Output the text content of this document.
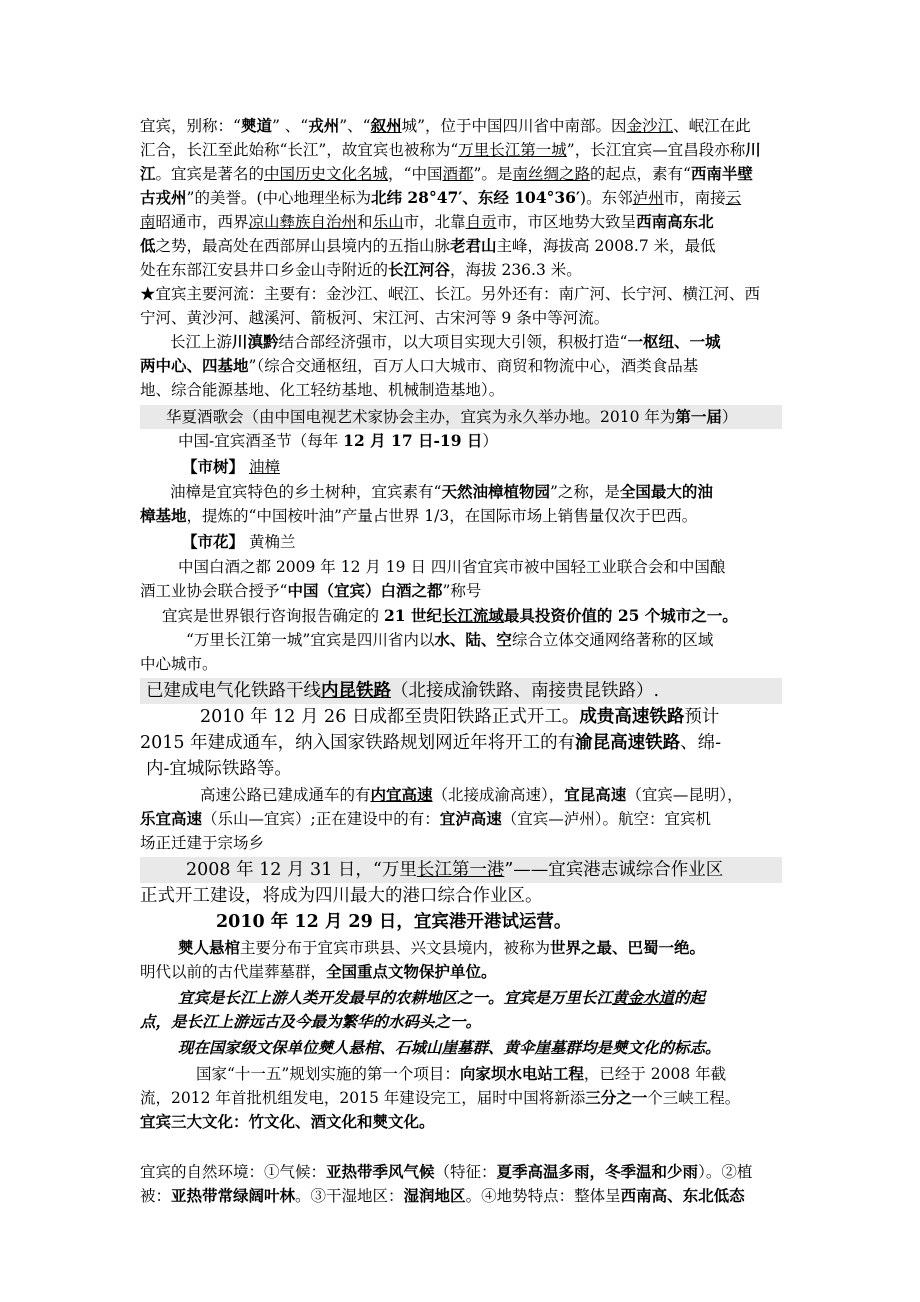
宜宾，别称：“僰道” 、“戎州”、“叙州城”，位于中国四川省中南部。因金沙江、岷江在此
汇合，长江至此始称“长江”，故宜宾也被称为“万里长江第一城”，长江宜宾—宜昌段亦称川
江。宜宾是著名的中国历史文化名城，“中国酒都”。是南丝绸之路的起点，素有“西南半壁
古戎州”的美誉。(中心地理坐标为北纬 28°47′、东经 104°36′)。东邻泸州市，南接云
南昭通市，西界凉山彝族自治州和乐山市，北靠自贡市，市区地势大致呈西南高东北
低之势，最高处在西部屏山县境内的五指山脉老君山主峰，海拔高 2008.7 米，最低
处在东部江安县井口乡金山寺附近的长江河谷，海拔 236.3 米。
★宜宾主要河流：主要有：金沙江、岷江、长江。另外还有：南广河、长宁河、横江河、西
宁河、黄沙河、越溪河、箭板河、宋江河、古宋河等 9 条中等河流。
长江上游川滇黔结合部经济强市，以大项目实现大引领，积极打造“一枢纽、一城
两中心、四基地”（综合交通枢纽，百万人口大城市、商贸和物流中心，酒类食品基
地、综合能源基地、化工轻纺基地、机械制造基地）。
华夏酒歌会（由中国电视艺术家协会主办，宜宾为永久举办地。2010 年为第一届）
中国-宜宾酒圣节（每年 12 月 17 日-19 日）
【市树】 油樟
油樟是宜宾特色的乡土树种，宜宾素有“天然油樟植物园”之称，是全国最大的油
樟基地，提炼的“中国桉叶油”产量占世界 1/3，在国际市场上销售量仅次于巴西。
【市花】 黄桷兰
中国白酒之都 2009 年 12 月 19 日 四川省宜宾市被中国轻工业联合会和中国酿
酒工业协会联合授予“中国（宜宾）白酒之都”称号
宜宾是世界银行咨询报告确定的 21 世纪长江流域最具投资价值的 25 个城市之一。
“万里长江第一城”宜宾是四川省内以水、陆、空综合立体交通网络著称的区域
中心城市。
已建成电气化铁路干线内昆铁路（北接成渝铁路、南接贵昆铁路）.
2010 年 12 月 26 日成都至贵阳铁路正式开工。成贵高速铁路预计
2015 年建成通车，纳入国家铁路规划网近年将开工的有渝昆高速铁路、绵-
内-宜城际铁路等。
高速公路已建成通车的有内宜高速（北接成渝高速），宜昆高速（宜宾—昆明），
乐宜高速（乐山—宜宾）;正在建设中的有：宜泸高速（宜宾—泸州）。航空：宜宾机
场正迁建于宗场乡
2008 年 12 月 31 日，“万里长江第一港”——宜宾港志诚综合作业区
正式开工建设，将成为四川最大的港口综合作业区。
2010 年 12 月 29 日，宜宾港开港试运营。
僰人悬棺主要分布于宜宾市珙县、兴文县境内，被称为世界之最、巴蜀一绝。
明代以前的古代崖葬墓群，全国重点文物保护单位。
宜宾是长江上游人类开发最早的农耕地区之一。宜宾是万里长江黄金水道的起
点，是长江上游远古及今最为繁华的水码头之一。
现在国家级文保单位僰人悬棺、石城山崖墓群、黄伞崖墓群均是僰文化的标志。
国家“十一五”规划实施的第一个项目：向家坝水电站工程，已经于 2008 年截
流，2012 年首批机组发电，2015 年建设完工，届时中国将新添三分之一个三峡工程。
宜宾三大文化：竹文化、酒文化和僰文化。
宜宾的自然环境：①气候：亚热带季风气候（特征：夏季高温多雨，冬季温和少雨）。②植
被：亚热带常绿阔叶林。③干湿地区：湿润地区。④地势特点：整体呈西南高、东北低态
